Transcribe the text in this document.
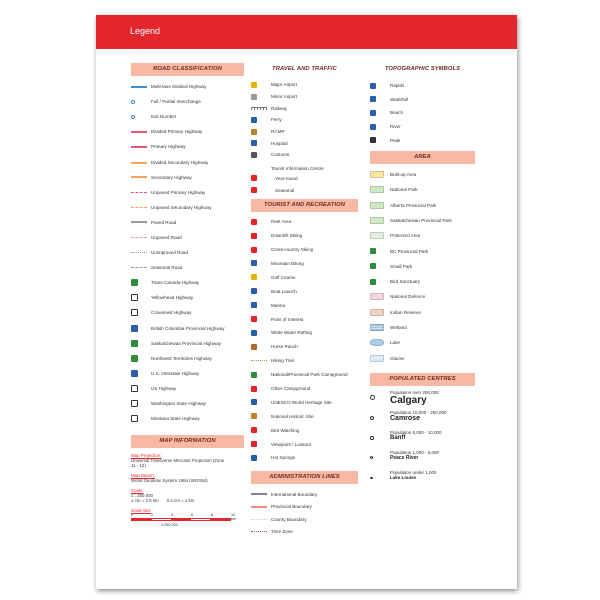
Legend
ROAD CLASSIFICATION
Multi-lane Divided Highway
Full / Partial Interchange
Exit Number
Divided Primary Highway
Primary Highway
Divided Secondary Highway
Secondary Highway
Unpaved Primary Highway
Unpaved Secondary Highway
Paved Road
Unpaved Road
Unimproved Road
Seasonal Road
Trans-Canada-Highway
Yellowhead Highway
Crowsnest Highway
British Columbia Provincial Highway
Saskatchewan Provincial Highway
Northwest Territories Highway
U.S. Interstate Highway
US Highway
Washington State Highway
Montana State Highway
MAP INFORMATION
Map Projection:
Universal Transverse Mercator Projection (Zone 11 - 12)
Map Datum:
World Geodetic System 1984 (WGS84)
Scale:
1 : 250 000
1 cm = 2.5 km 0.4 cm = 1 km
Scale Bar:
0	2	4	6	8	10 km
1:250 000
TRAVEL AND TRAFFIC
Major Airport
Minor Airport
Railway
Ferry
RCMP
Hospital
Customs
Tourist Information Centre
Year-round
Seasonal
TOURIST AND RECREATION
Rest Area
Downhill Skiing
Cross-country Skiing
Mountain Biking
Golf Course
Boat Launch
Marina
Point of Interest
White Water Rafting
Horse Ranch
Hiking Trail
National/Provincial Park Campground
Other Campground
UNESCO World Heritage Site
National Historic Site
Bird Watching
Viewpoint / Lookout
Hot Springs
ADMINISTRATION LINES
International Boundary
Provincial Boundary
County Boundary
Time Zone
TOPOGRAPHIC SYMBOLS
Rapids
Waterfall
Beach
River
Peak
AREA
Built-up Area
National Park
Alberta Provincial Park
Saskatchewan Provincial Park
Protected Area
BC Provincial Park
Small Park
Bird Sanctuary
National Defence
Indian Reserve
Wetland
Lake
Glacier
POPULATED CENTRES
Population over 250,000
Calgary
Population 10,000 - 250,000
Camrose
Population 5,000 - 10,000
Banff
Population 1,000 - 5,000
Peace River
Population under 1,000
Lake Louise
